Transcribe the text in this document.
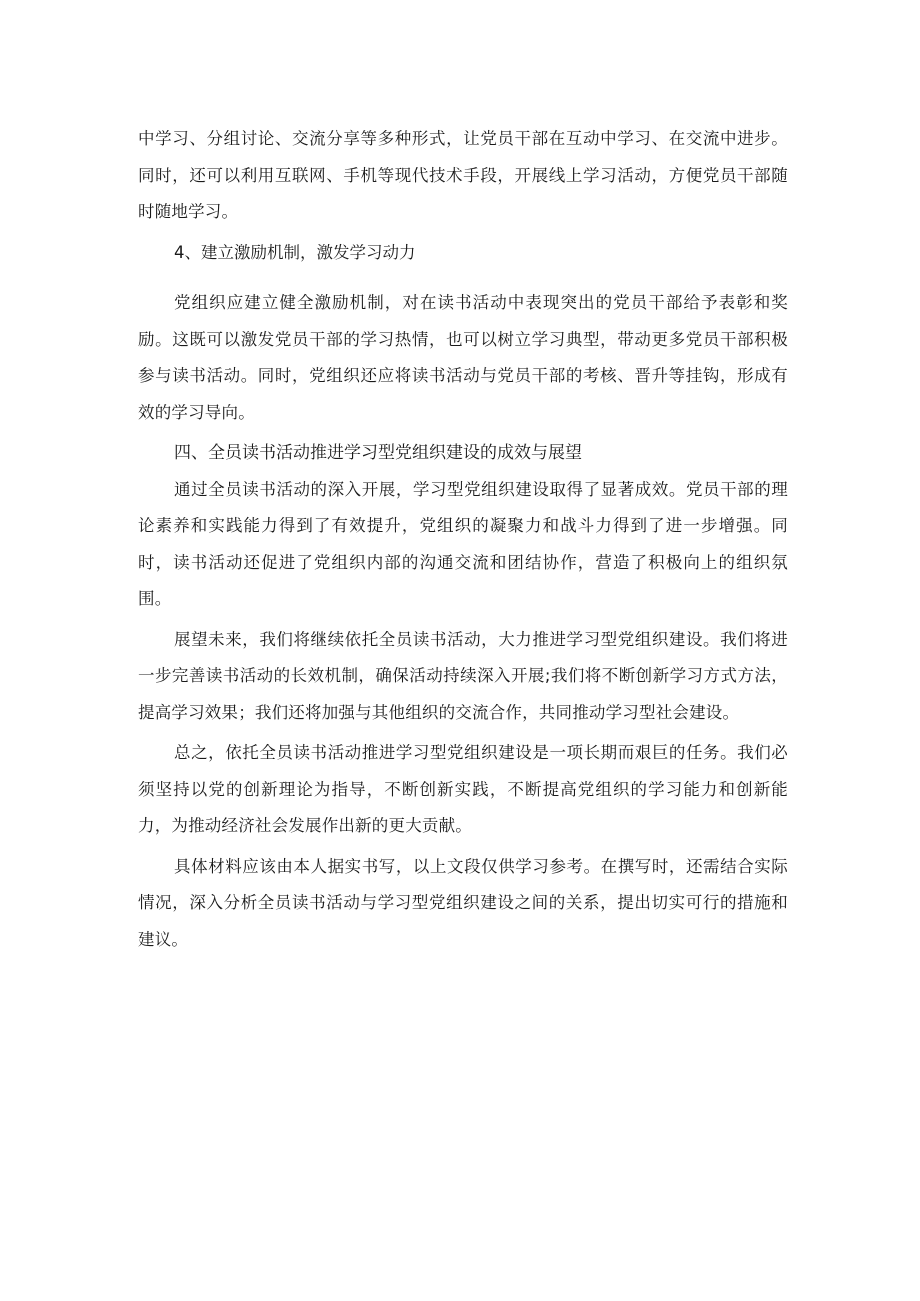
中学习、分组讨论、交流分享等多种形式，让党员干部在互动中学习、在交流中进步。同时，还可以利用互联网、手机等现代技术手段，开展线上学习活动，方便党员干部随时随地学习。

4、建立激励机制，激发学习动力

党组织应建立健全激励机制，对在读书活动中表现突出的党员干部给予表彰和奖励。这既可以激发党员干部的学习热情，也可以树立学习典型，带动更多党员干部积极参与读书活动。同时，党组织还应将读书活动与党员干部的考核、晋升等挂钩，形成有效的学习导向。

四、全员读书活动推进学习型党组织建设的成效与展望

通过全员读书活动的深入开展，学习型党组织建设取得了显著成效。党员干部的理论素养和实践能力得到了有效提升，党组织的凝聚力和战斗力得到了进一步增强。同时，读书活动还促进了党组织内部的沟通交流和团结协作，营造了积极向上的组织氛围。

展望未来，我们将继续依托全员读书活动，大力推进学习型党组织建设。我们将进一步完善读书活动的长效机制，确保活动持续深入开展;我们将不断创新学习方式方法，提高学习效果；我们还将加强与其他组织的交流合作，共同推动学习型社会建设。

总之，依托全员读书活动推进学习型党组织建设是一项长期而艰巨的任务。我们必须坚持以党的创新理论为指导，不断创新实践，不断提高党组织的学习能力和创新能力，为推动经济社会发展作出新的更大贡献。

具体材料应该由本人据实书写，以上文段仅供学习参考。在撰写时，还需结合实际情况，深入分析全员读书活动与学习型党组织建设之间的关系，提出切实可行的措施和建议。
